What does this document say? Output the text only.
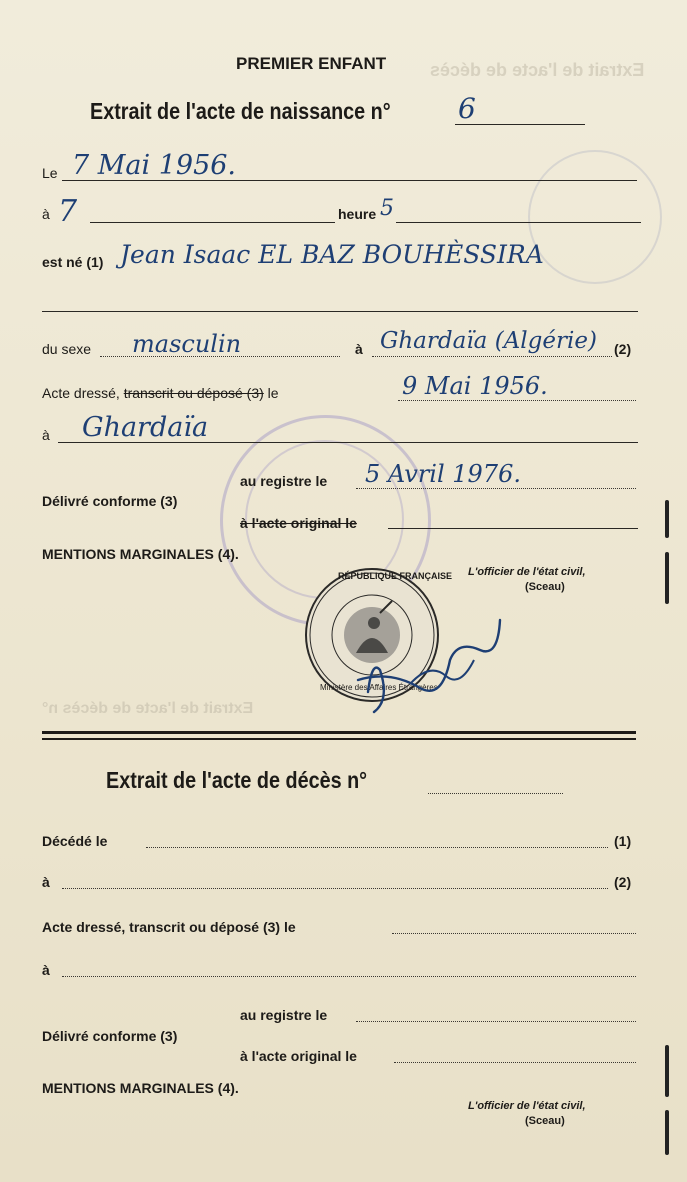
Extrait de l'acte de décès
Extrait de l'acte de décès n°
PREMIER ENFANT
Extrait de l'acte de naissance n° 6
Le 7 Mai 1956.
à 7	heure 5
est né (1) Jean Isaac EL BAZ BOUHÈSSIRA
du sexe masculin	à Ghardaïa (Algérie) (2)
Acte dressé, transcrit ou déposé (3) le	9 Mai 1956.
à Ghardaïa
au registre le 5 Avril 1976.
Délivré conforme (3)
à l'acte original le
MENTIONS MARGINALES (4).
L'officier de l'état civil,
(Sceau)
RÉPUBLIQUE FRANÇAISE
Ministère des Affaires Étrangères
Extrait de l'acte de décès n°
Décédé le	(1)
à	(2)
Acte dressé, transcrit ou déposé (3) le
à
au registre le
Délivré conforme (3)
à l'acte original le
MENTIONS MARGINALES (4).
L'officier de l'état civil,
(Sceau)
